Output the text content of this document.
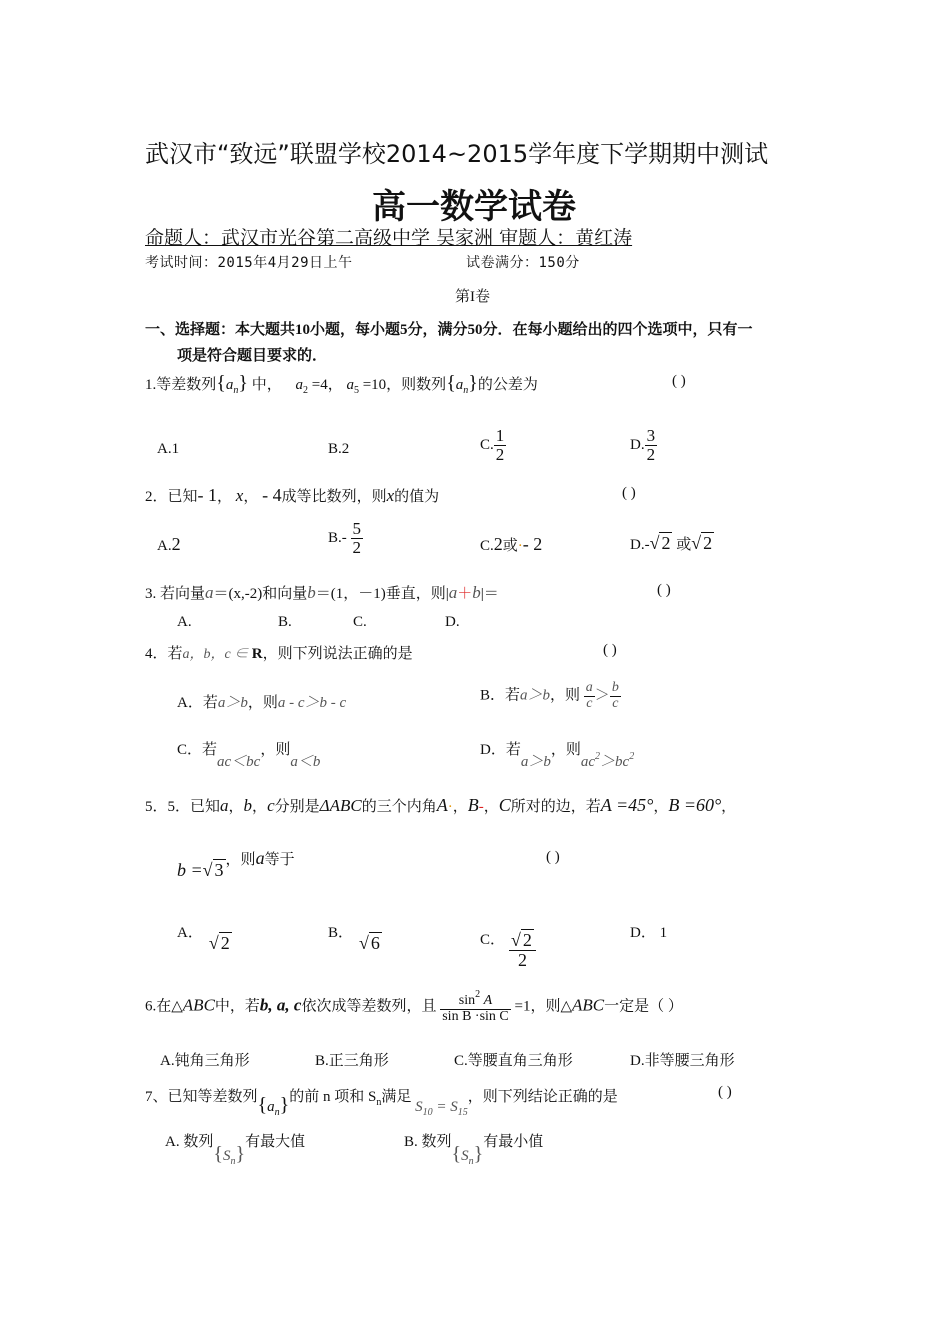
武汉市“致远”联盟学校2014~2015学年度下学期期中测试
高一数学试卷
命题人：武汉市光谷第二高级中学 吴家洲 审题人：黄红涛
考试时间：2015年4月29日上午	试卷满分：150分
第I卷
一、选择题：本大题共10小题，每小题5分，满分50分．在每小题给出的四个选项中，只有一
项是符合题目要求的．
1.等差数列$\{a_n\}$ 中， $a_2 =4$， $a_5 =10$，则数列$\{a_n\}$的公差为	( )
A.1	B.2	C. $\frac{1}{2}$	D. $\frac{3}{2}$
2．已知- 1， x， - 4成等比数列，则x的值为	( )
A.2	$B.- \frac{5}{2}$	C.2或·- 2	D.-√ 2 或√ 2
3. 若向量a＝(x,-2)和向量b＝(1，－1)垂直，则|a＋b|＝	( )
A.	B.	C.	D.
4．若a，b，c ∈ R，则下列说法正确的是	( )
A．若a＞b，则a - c＞b - c	B．若a＞b，则 $\frac{a}{c} > \frac{b}{c}$
C．若ac＜bc，则a＜b
D．若a＞b，则$ac^2>bc^2$
5．5．已知a，b，c分别是ΔABC的三个内角A·，B-，C所对的边，若A =45°，B =60°，
b =√ 3 ，则a等于	( )
A． √ 2	B． √ 6	C． $\frac{√ 2}{2}$	D． 1
6.在△ABC中，若b, a, c依次成等差数列，且 $\frac{\sin^2 A}{\text{sin B ·sin C}} =1$，则△ABC一定是（ ）
A.钝角三角形	B.正三角形	C.等腰直角三角形	D.非等腰三角形
7、已知等差数列$\{a_n\}$的前 n 项和 $S_n$满足 $S_{10} = S_{15}$，则下列结论正确的是	( )
A. 数列$\{S_n\}$有最大值	B. 数列$\{S_n\}$有最小值
